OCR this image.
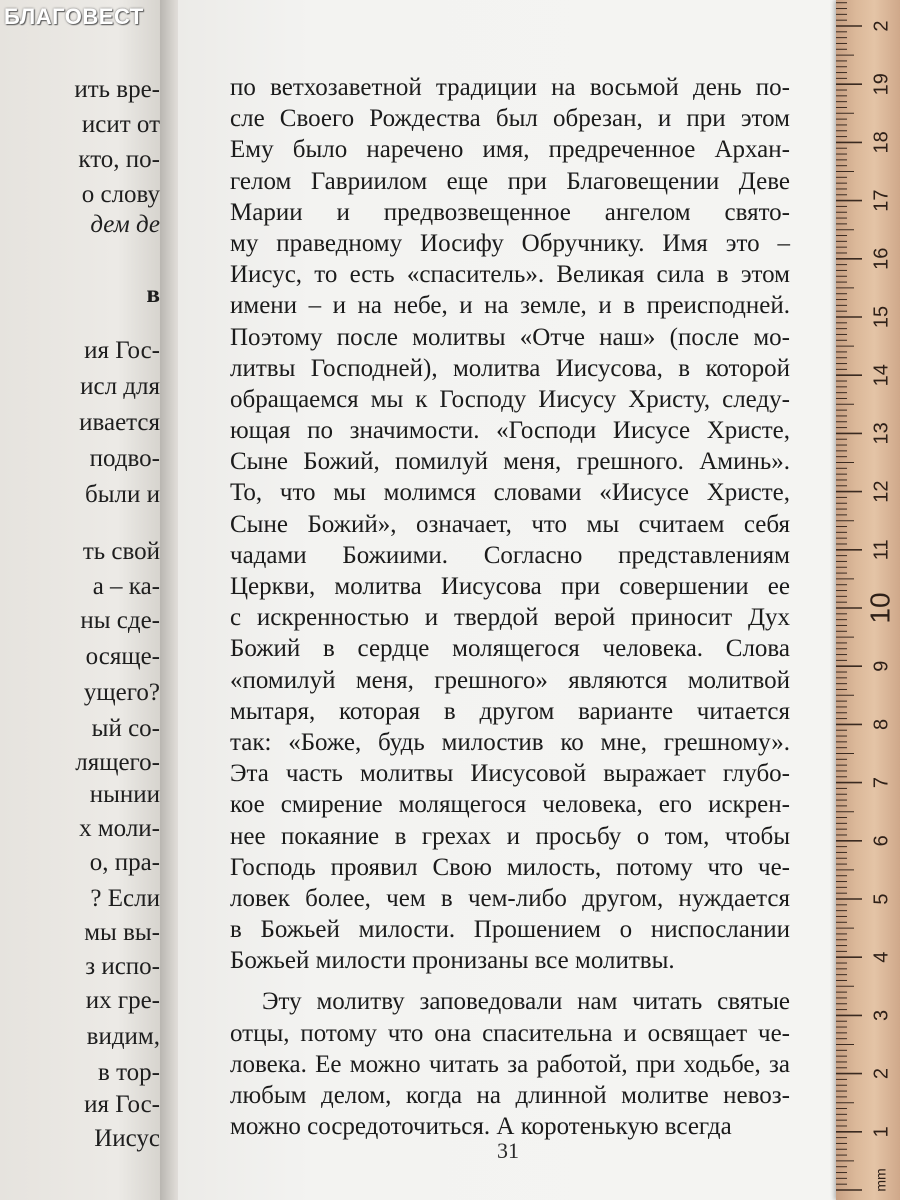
БЛАГОВЕСТ
ить вре-
исит от
кто, по-
о слову
дем де
в
ия Гос-
исл для
ивается
подво-
были и
ть свой
а – ка-
ны сде-
осяще-
ущего?
ый со-
лящего-
нынии
х моли-
о, пра-
? Если
мы вы-
з испо-
их гре-
видим,
в тор-
ия Гос-
Иисус
по ветхозаветной традиции на восьмой день по-
сле Своего Рождества был обрезан, и при этом
Ему было наречено имя, предреченное Архан-
гелом Гавриилом еще при Благовещении Деве
Марии и предвозвещенное ангелом свято-
му праведному Иосифу Обручнику. Имя это –
Иисус, то есть «спаситель». Великая сила в этом
имени – и на небе, и на земле, и в преисподней.
Поэтому после молитвы «Отче наш» (после мо-
литвы Господней), молитва Иисусова, в которой
обращаемся мы к Господу Иисусу Христу, следу-
ющая по значимости. «Господи Иисусе Христе,
Сыне Божий, помилуй меня, грешного. Аминь».
То, что мы молимся словами «Иисусе Христе,
Сыне Божий», означает, что мы считаем себя
чадами Божиими. Согласно представлениям
Церкви, молитва Иисусова при совершении ее
с искренностью и твердой верой приносит Дух
Божий в сердце молящегося человека. Слова
«помилуй меня, грешного» являются молитвой
мытаря, которая в другом варианте читается
так: «Боже, будь милостив ко мне, грешному».
Эта часть молитвы Иисусовой выражает глубо-
кое смирение молящегося человека, его искрен-
нее покаяние в грехах и просьбу о том, чтобы
Господь проявил Свою милость, потому что че-
ловек более, чем в чем-либо другом, нуждается
в Божьей милости. Прошением о ниспослании
Божьей милости пронизаны все молитвы.
Эту молитву заповедовали нам читать святые
отцы, потому что она спасительна и освящает че-
ловека. Ее можно читать за работой, при ходьбе, за
любым делом, когда на длинной молитве невоз-
можно сосредоточиться. А коротенькую всегда
31
1
2
3
4
5
6
7
8
9
10
11
12
13
14
15
16
17
18
19
2
mm
